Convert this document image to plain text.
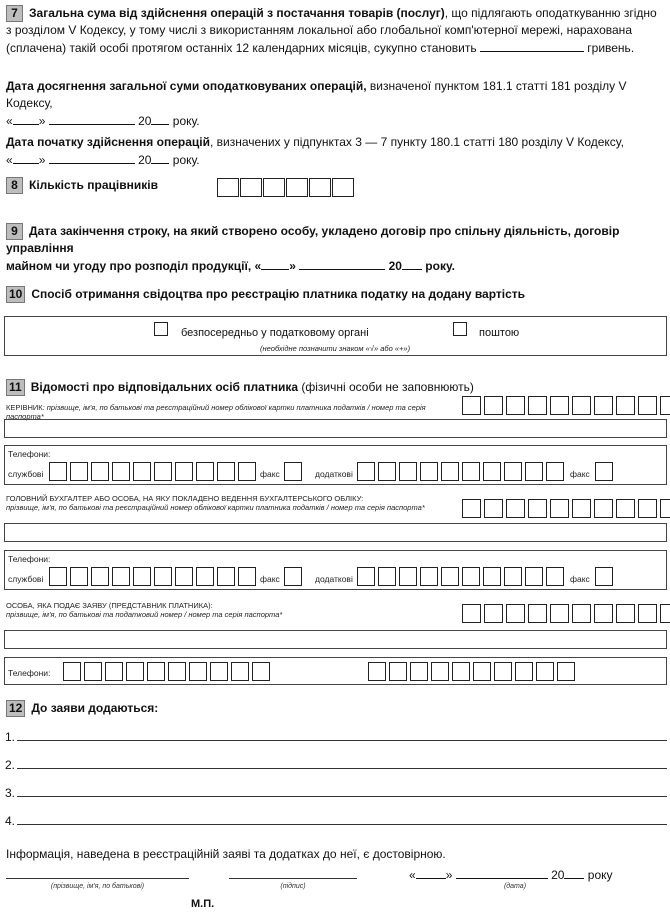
7 Загальна сума від здійснення операцій з постачання товарів (послуг), що підлягають оподаткуванню згідно
з розділом V Кодексу, у тому числі з використанням локальної або глобальної комп'ютерної мережі, нарахована
(сплачена) такій особі протягом останніх 12 календарних місяців, сукупно становить	гривень.
Дата досягнення загальної суми оподатковуваних операцій, визначеної пунктом 181.1 статті 181 розділу V Кодексу,
« »	20 року.
Дата початку здійснення операцій, визначених у підпунктах 3 — 7 пункту 180.1 статті 180 розділу V Кодексу,
« »	20 року.
8 Кількість працівників
9 Дата закінчення строку, на який створено особу, укладено договір про спільну діяльність, договір управління
майном чи угоду про розподіл продукції, « »	20 року.
10 Спосіб отримання свідоцтва про реєстрацію платника податку на додану вартість
безпосередньо у податковому органі	поштою
(необхідне позначити знаком «√» або «+»)
11 Відомості про відповідальних осіб платника (фізичні особи не заповнюють)
КЕРІВНИК: прізвище, ім'я, по батькові та реєстраційний номер облікової картки платника податків / номер та серія паспорта*
Телефони:
службові	факс	додаткові	факс
ГОЛОВНИЙ БУХГАЛТЕР АБО ОСОБА, НА ЯКУ ПОКЛАДЕНО ВЕДЕННЯ БУХГАЛТЕРСЬКОГО ОБЛІКУ:
прізвище, ім'я, по батькові та реєстраційний номер облікової картки платника податків / номер та серія паспорта*
Телефони:
службові	факс	додаткові	факс
ОСОБА, ЯКА ПОДАЄ ЗАЯВУ (ПРЕДСТАВНИК ПЛАТНИКА):
прізвище, ім'я, по батькові та податковий номер / номер та серія паспорта*
Телефони:
12 До заяви додаються:
1.
2.
3.
4.
Інформація, наведена в реєстраційній заяві та додатках до неї, є достовірною.
(прізвище, ім'я, по батькові)	(підпис)
«	»	20 року
(дата)
М.П.
